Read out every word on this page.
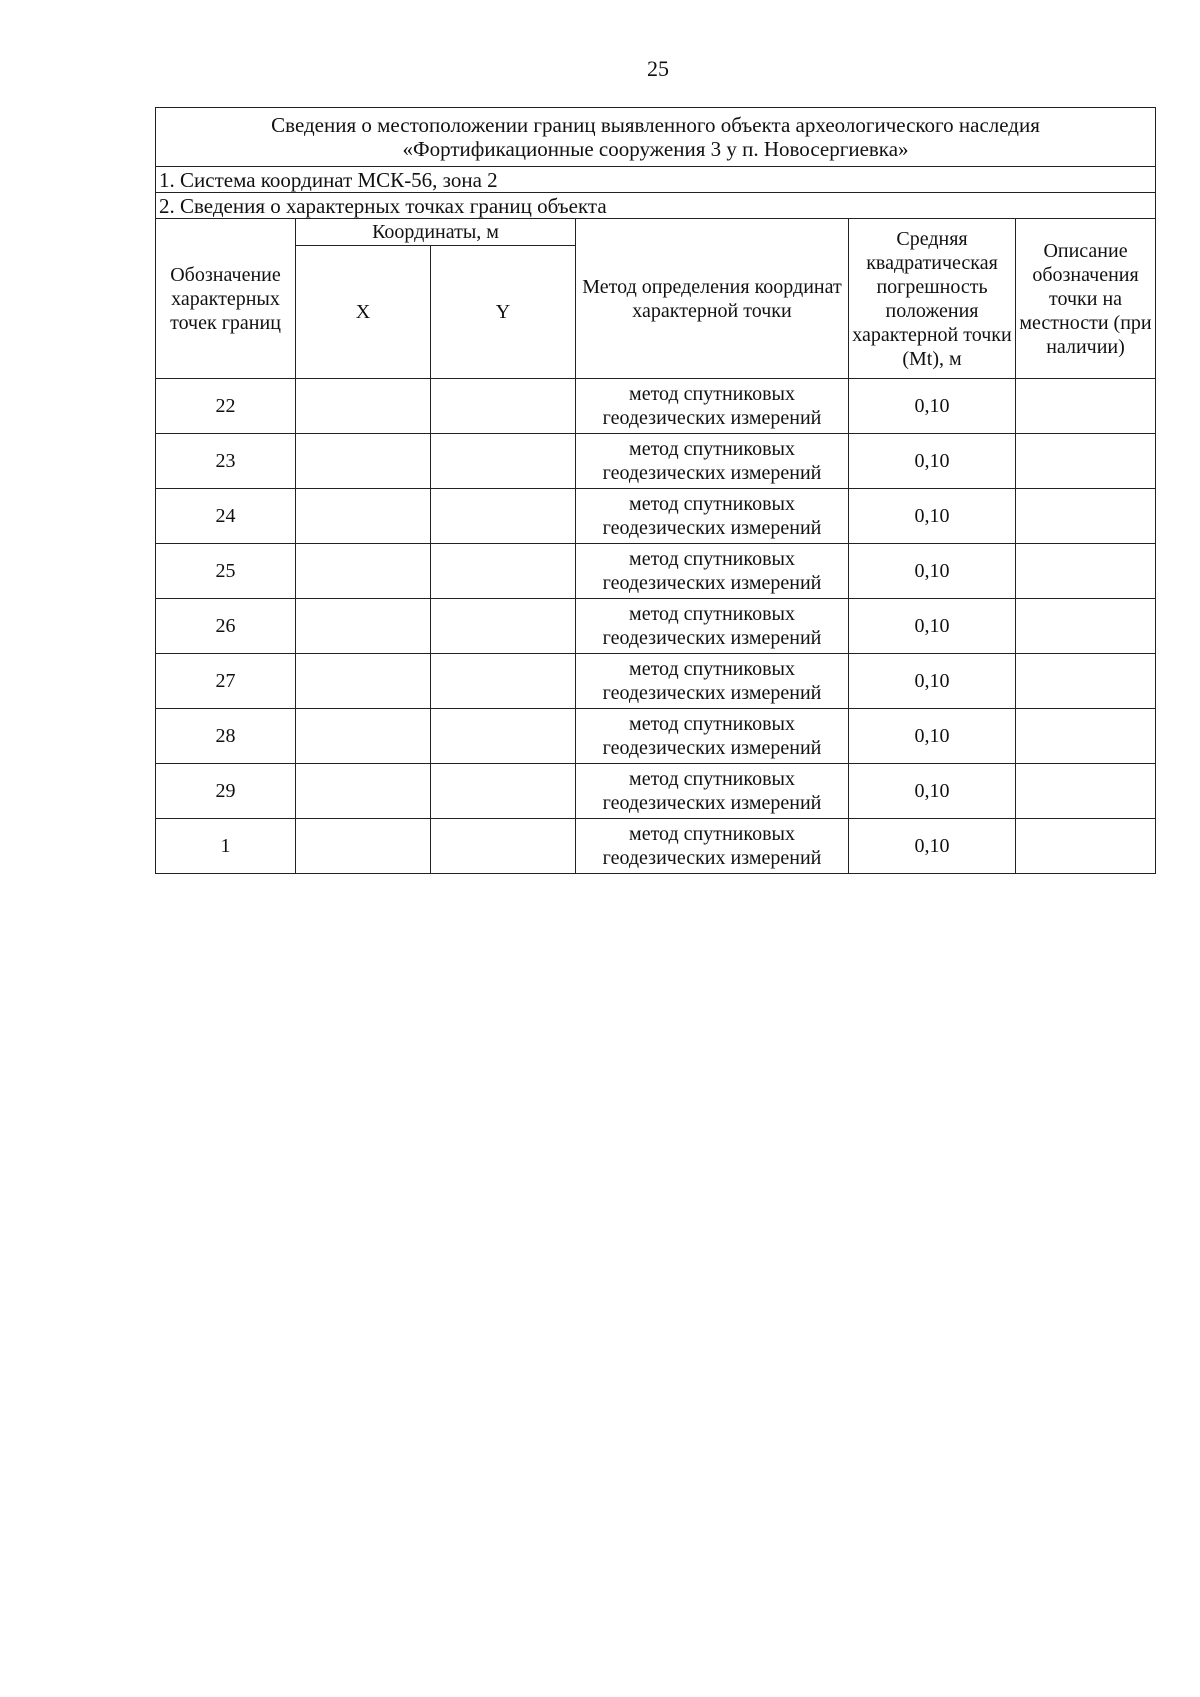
25
Сведения о местоположении границ выявленного объекта археологического наследия
«Фортификационные сооружения 3 у п. Новосергиевка»					

1. Система координат МСК-56, зона 2					
2. Сведения о характерных точках границ объекта					
Обозначение характерных точек границ	Координаты, м		Метод определения координат характерной точки	Средняя квадратическая погрешность положения характерной точки (Mt), м	Описание обозначения точки на местности (при наличии)
	X	Y			
22			метод спутниковых геодезических измерений	0,10	
23			метод спутниковых геодезических измерений	0,10	
24			метод спутниковых геодезических измерений	0,10	
25			метод спутниковых геодезических измерений	0,10	
26			метод спутниковых геодезических измерений	0,10	
27			метод спутниковых геодезических измерений	0,10	
28			метод спутниковых геодезических измерений	0,10	
29			метод спутниковых геодезических измерений	0,10	
1			метод спутниковых геодезических измерений	0,10	
